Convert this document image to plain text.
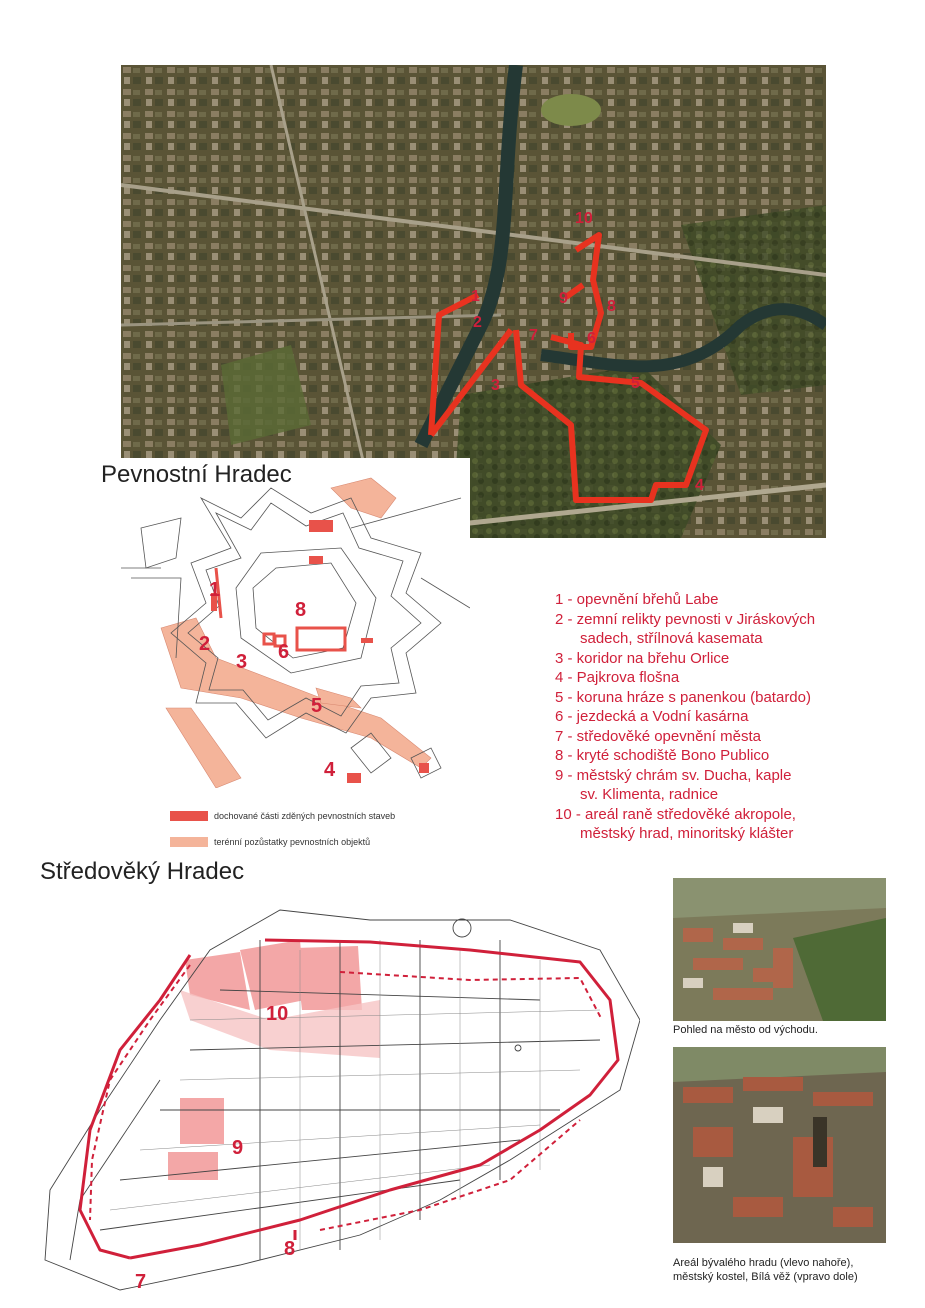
1
2
3
4
5
6
7
8
9
10
1
2
3
4
5
6
8
Pevnostní Hradec
1 - opevnění břehů Labe
2 - zemní relikty pevnosti v Jiráskových
sadech, střílnová kasemata
3 - koridor na břehu Orlice
4 - Pajkrova flošna
5 - koruna hráze s panenkou (batardo)
6 - jezdecká a Vodní kasárna
7 - středověké opevnění města
8 - kryté schodiště Bono Publico
9 - městský chrám sv. Ducha, kaple
sv. Klimenta, radnice
10 - areál raně středověké akropole,
městský hrad, minoritský klášter
dochované části zděných pevnostních staveb
terénní pozůstatky pevnostních objektů
Středověký Hradec
10
9
8
7
Pohled na město od východu.
Areál bývalého hradu (vlevo nahoře),
městský kostel, Bílá věž (vpravo dole)
